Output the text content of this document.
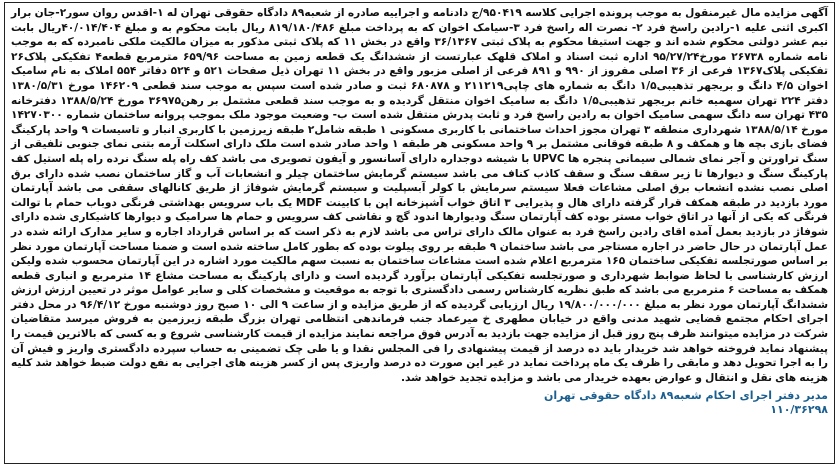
آگهی مزایده مال غیرمنقول به موجب پرونده اجرایی کلاسه ۹۵۰۴۱۹/ج دادنامه و اجراییه صادره از شعبه۸۹ دادگاه حقوقی تهران له ۱-اقدس روان سور۲-جان برار اکبری اثنی علیه ۱-رادین راسخ فرد ۲- نصرت اله راسخ فرد ۳-سیامک اخوان که به پرداخت مبلغ ۸۱۹/۱۸۰/۴۸۶ ریال بابت محکوم به و مبلغ ۴۰/۰۱۴/۴۰۴ریال بابت نیم عشر دولتی محکوم شده اند و جهت استیفا محکوم به پلاک ثبتی ۳۶/۱۳۶۷ واقع در بخش ۱۱ که پلاک ثبتی مذکور به میزان مالکیت ملکی نامبرده که به موجب نامه شماره ۲۶۷۳۸ مورخ۹۵/۲۷/۲۴ اداره ثبت اسناد و املاک قلهک عبارتست از ششدانگ یک قطعه زمین به مساحت ۶۵۹/۹۶ مترمربع قطعه۴ تفکیکی پلاک۲۶ تفکیکی پلاک۱۳۶۷ فرعی از ۳۶ اصلی مفروز از ۹۹۰ و ۸۹۱ فرعی از اصلی مزبور واقع در بخش ۱۱ تهران ذیل صفحات ۵۲۱ و ۵۲۴ دفاتر ۵۵۴ املاک به نام سامیک اخوان ۴/۵ دانگ و بریجهر تذهیبی۱/۵ دانگ به شماره های چاپی۲۱۱۲۱۹ و ۶۸۰۸۷۸ ثبت و صادر شده است سپس به موجب سند قطعی ۱۴۶۲۰۹ مورخ ۱۳۸۰/۵/۳۱ دفتر ۲۲۴ تهران سهمیه خانم بریجهر تذهیبی۱/۵ دانگ به سامیک اخوان منتقل گردیده و به موجب سند قطعی مشتمل بر رهن۳۶۹۷۵ مورخ ۱۳۸۸/۵/۲۴ دفترخانه ۴۳۵ تهران سه دانگ سهمی سامیک اخوان به رادین راسخ فرد و ثابت پدرش منتقل شده است ب- وضعیت موجود ملک بموجب پروانه ساختمان شماره ۱۴۲۷۰۳۰۰ مورخ ۱۳۸۸/۵/۱۴ شهرداری منطقه ۳ تهران مجوز احداث ساختمانی با کاربری مسکونی ۱ طبقه شامل۲ طبقه زیرزمین با کاربری انبار و تاسیسات ۹ واحد پارکینگ فضای بازی بچه ها و همکف و ۸ طبقه فوقانی مشتمل بر ۹ واحد مسکونی هر طبقه ۱ واحد صادر شده است ملک دارای اسکلت آرمه بتنی نمای جنوبی تلفیقی از سنگ تراورتن و آجر نمای شمالی سیمانی پنجره ها UPVC با شیشه دوجداره دارای آسانسور و آیفون تصویری می باشد کف راه پله سنگ نرده راه پله استیل کف پارکینگ سنگ و دیوارها تا زیر سقف سنگ و سقف کاذب کناف می باشد سیستم گرمایش ساختمان چیلر و انشعابات آب و گاز ساختمان نصب شده دارای برق اصلی نصب نشده انشعاب برق اصلی مشاعات فعلا سیستم سرمایش با کولر آبسپلیت و سیستم گرمایش شوفاژ از طریق کانالهای سقفی می باشد آپارتمان مورد بازدید در طبقه همکف قرار گرفته دارای هال و پذیرایی ۳ اتاق خواب آشپزخانه اپن با کابینت MDF یک باب سرویس بهداشتی فرنگی دوباب حمام با توالت فرنگی که یکی از آنها در اتاق خواب مستر بوده کف آپارتمان سنگ ودیوارها اندود گچ و نقاشی کف سرویس و حمام ها سرامیک و دیوارها کاشیکاری شده دارای شوفاژ در بازدید بعمل آمده اقای رادین راسخ فرد به عنوان مالک دارای تراس می باشد لازم به ذکر است که بر اساس قرارداد اجاره و سایر مدارک ارائه شده در عمل آپارتمان در حال حاضر در اجاره مستاجر می باشد ساختمان ۹ طبقه بر روی پیلوت بوده که بطور کامل ساخته شده است و ضمنا مساحت آپارتمان مورد نظر بر اساس صورتجلسه تفکیکی ساختمان ۱۶۵ مترمربع اعلام شده است مشاعات ساختمان به نسبت سهم مالکیت مورد اشاره در این آپارتمان محسوب شده ولیکن ارزش کارشناسی با لحاظ ضوابط شهرداری و صورتجلسه تفکیکی آپارتمان برآورد گردیده است و دارای پارکینگ به مساحت مشاع ۱۴ مترمربع و انباری قطعه همکف به مساحت ۶ مترمربع می باشد که طبق نظریه کارشناس رسمی دادگستری با توجه به موقعیت و مشخصات کلی و سایر عوامل موثر در تعیین ارزش ارزش ششدانگ آپارتمان مورد نظر به مبلغ ۱۹/۸۰۰/۰۰۰/۰۰۰ ریال ارزیابی گردیده که از طریق مزایده و از ساعت ۹ الی ۱۰ صبح روز دوشنبه مورخ ۹۶/۴/۱۲ در محل دفتر اجرای احکام مجتمع قضایی شهید مدنی واقع در خیابان مطهری خ میرعماد جنب فرماندهی انتظامی تهران بزرگ طبقه زیرزمین به فروش میرسد متقاضیان شرکت در مزایده میتوانند ظرف پنج روز قبل از مزایده جهت بازدید به آدرس فوق مراجعه نمایند مزایده از قیمت کارشناسی شروع و به کسی که بالاترین قیمت را پیشنهاد نماید فروخته خواهد شد خریدار باید ده درصد از قیمت پیشنهادی را فی المجلس نقدا و یا طی چک تضمینی به حساب سپرده دادگستری واریز و فیش آن را به اجرا تحویل دهد و مابقی را ظرف یک ماه پرداخت نماید در غیر این صورت ده درصد واریزی پس از کسر هزینه های اجرایی به نفع دولت ضبط خواهد شد کلیه هزینه های نقل و انتقال و عوارض بعهده خریدار می باشد و مزایده تجدید خواهد شد.

مدیر دفتر اجرای احکام شعبه۸۹ دادگاه حقوقی تهران

۱۱۰/۳۶۲۹۸
